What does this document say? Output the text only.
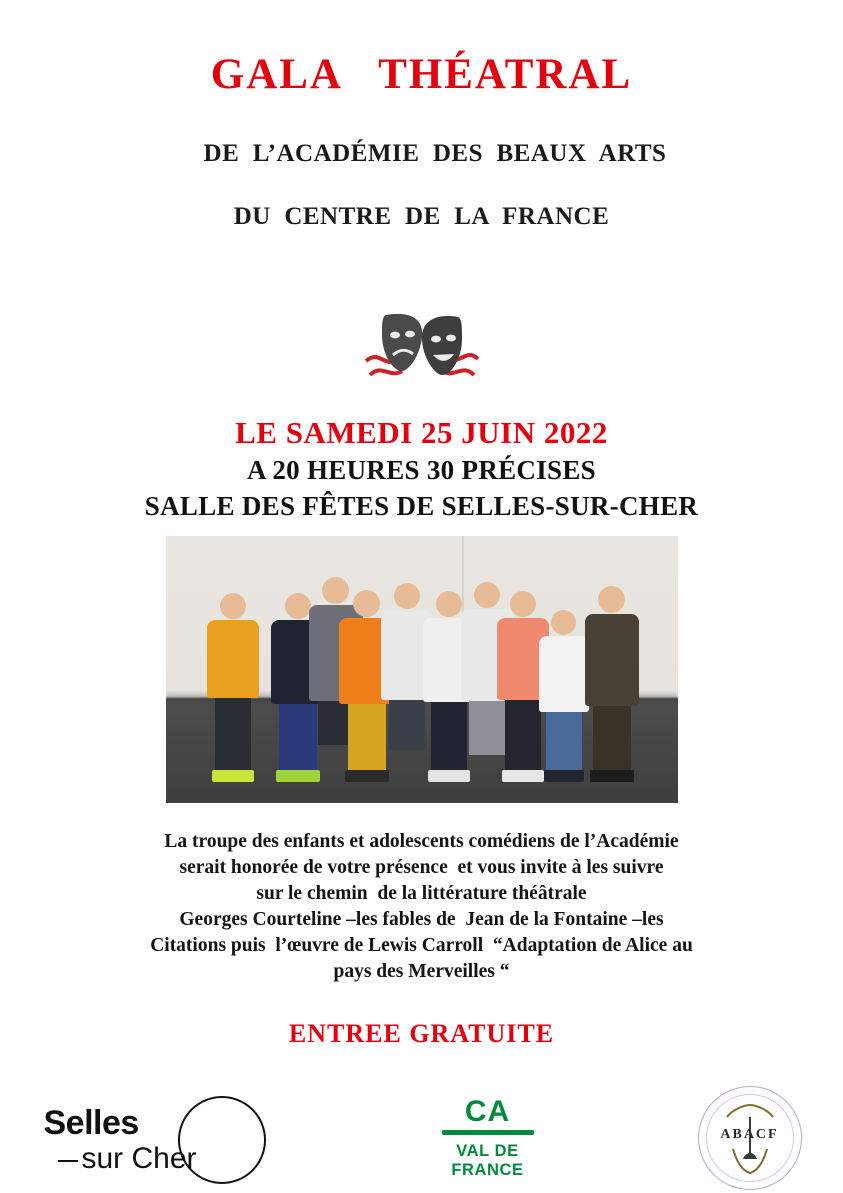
GALA   THÉATRAL

DE  L’ACADÉMIE  DES  BEAUX  ARTS

DU  CENTRE  DE  LA  FRANCE

LE SAMEDI 25 JUIN 2022
A 20 HEURES 30 PRÉCISES
SALLE DES FÊTES DE SELLES-SUR-CHER
La troupe des enfants et adolescents comédiens de l’Académie
serait honorée de votre présence  et vous invite à les suivre
sur le chemin  de la littérature théâtrale
Georges Courteline –les fables de  Jean de la Fontaine –les
Citations puis  l’œuvre de Lewis Carroll  “Adaptation de Alice au
pays des Merveilles “
ENTREE GRATUITE
Selles
sur Cher
CA
VAL DE
FRANCE
ABACF
